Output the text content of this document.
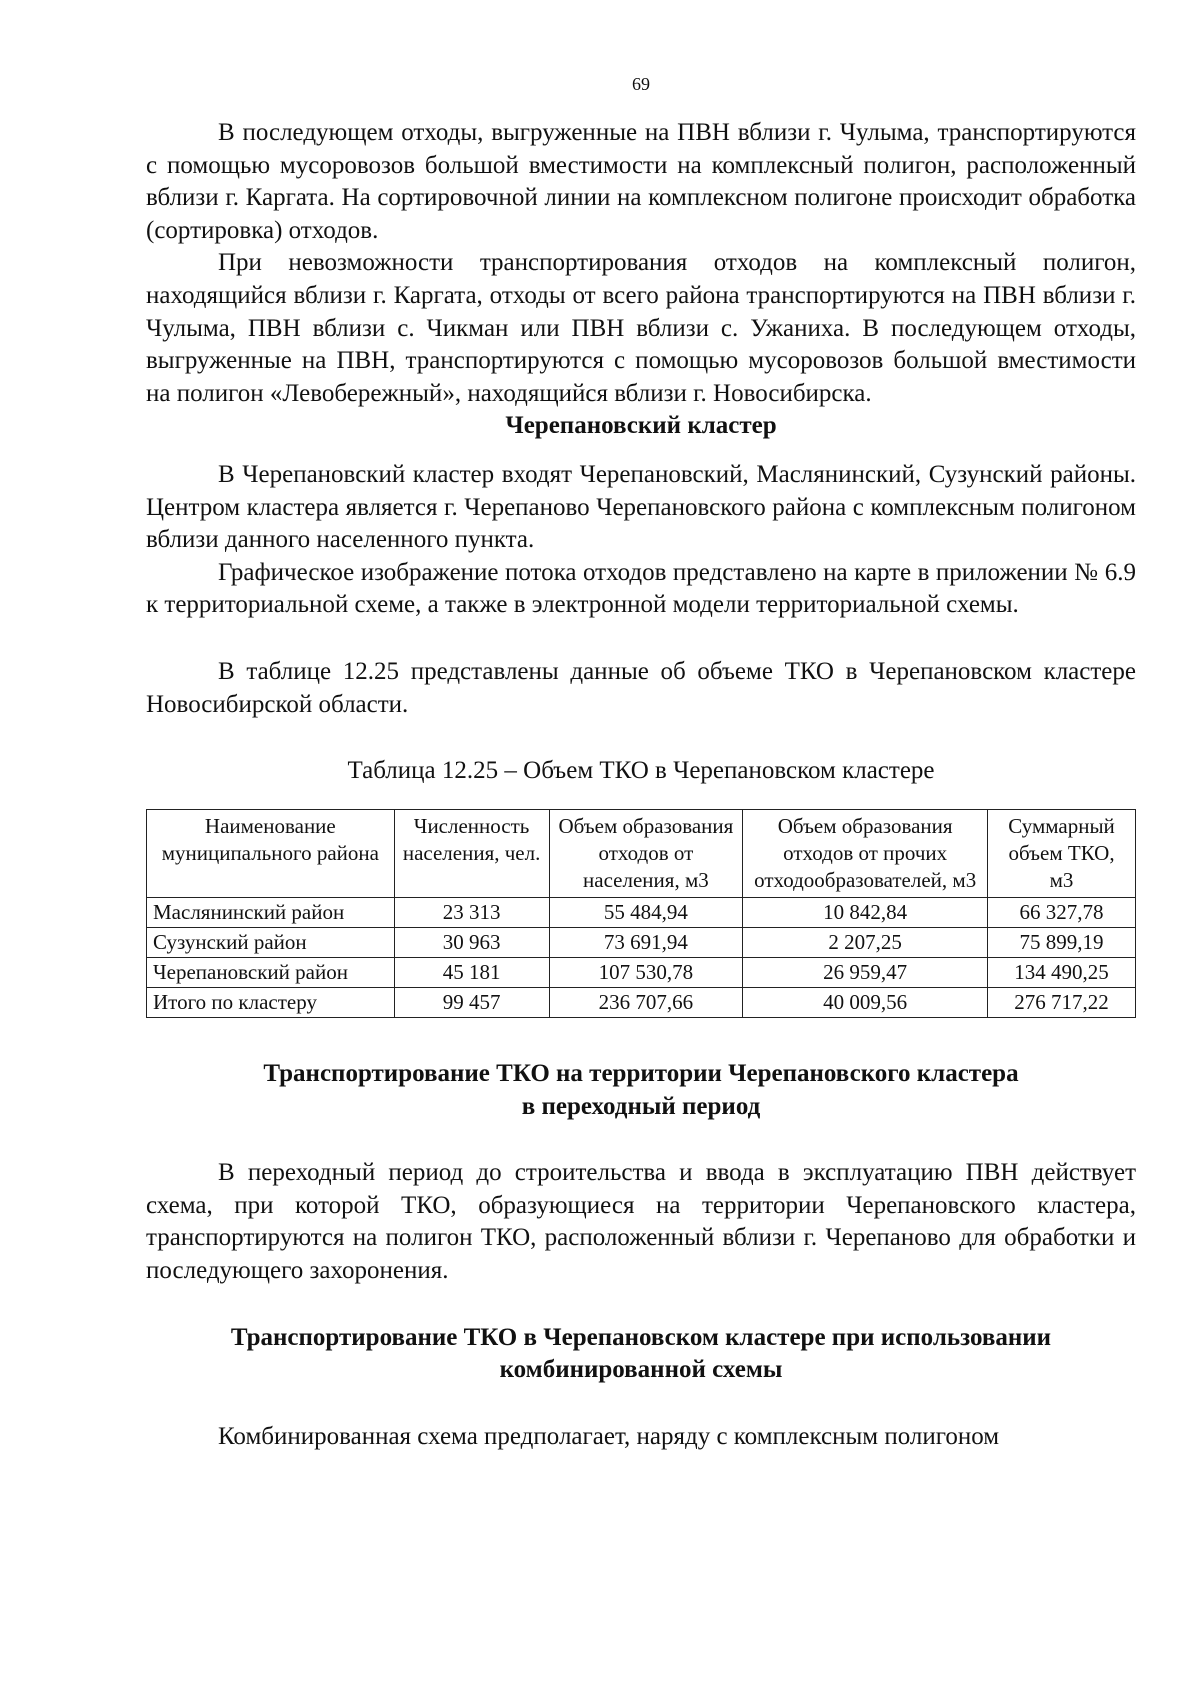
69

В последующем отходы, выгруженные на ПВН вблизи г. Чулыма, транспортируются с помощью мусоровозов большой вместимости на комплексный полигон, расположенный вблизи г. Каргата. На сортировочной линии на комплексном полигоне происходит обработка (сортировка) отходов.

При невозможности транспортирования отходов на комплексный полигон, находящийся вблизи г. Каргата, отходы от всего района транспортируются на ПВН вблизи г. Чулыма, ПВН вблизи с. Чикман или ПВН вблизи с. Ужаниха. В последующем отходы, выгруженные на ПВН, транспортируются с помощью мусоровозов большой вместимости на полигон «Левобережный», находящийся вблизи г. Новосибирска.

Черепановский кластер

В Черепановский кластер входят Черепановский, Маслянинский, Сузунский районы. Центром кластера является г. Черепаново Черепановского района с комплексным полигоном вблизи данного населенного пункта.

Графическое изображение потока отходов представлено на карте в приложении № 6.9 к территориальной схеме, а также в электронной модели территориальной схемы.

В таблице 12.25 представлены данные об объеме ТКО в Черепановском кластере Новосибирской области.

Таблица 12.25 – Объем ТКО в Черепановском кластере
Наименование муниципального района	Численность населения, чел.	Объем образования отходов от населения, м3	Объем образования отходов от прочих отходообразователей, м3	Суммарный объем ТКО, м3
Маслянинский район	23 313	55 484,94	10 842,84	66 327,78
Сузунский район	30 963	73 691,94	2 207,25	75 899,19
Черепановский район	45 181	107 530,78	26 959,47	134 490,25
Итого по кластеру	99 457	236 707,66	40 009,56	276 717,22
Транспортирование ТКО на территории Черепановского кластера
в переходный период

В переходный период до строительства и ввода в эксплуатацию ПВН действует схема, при которой ТКО, образующиеся на территории Черепановского кластера, транспортируются на полигон ТКО, расположенный вблизи г. Черепаново для обработки и последующего захоронения.

Транспортирование ТКО в Черепановском кластере при использовании
комбинированной схемы

Комбинированная схема предполагает, наряду с комплексным полигоном
